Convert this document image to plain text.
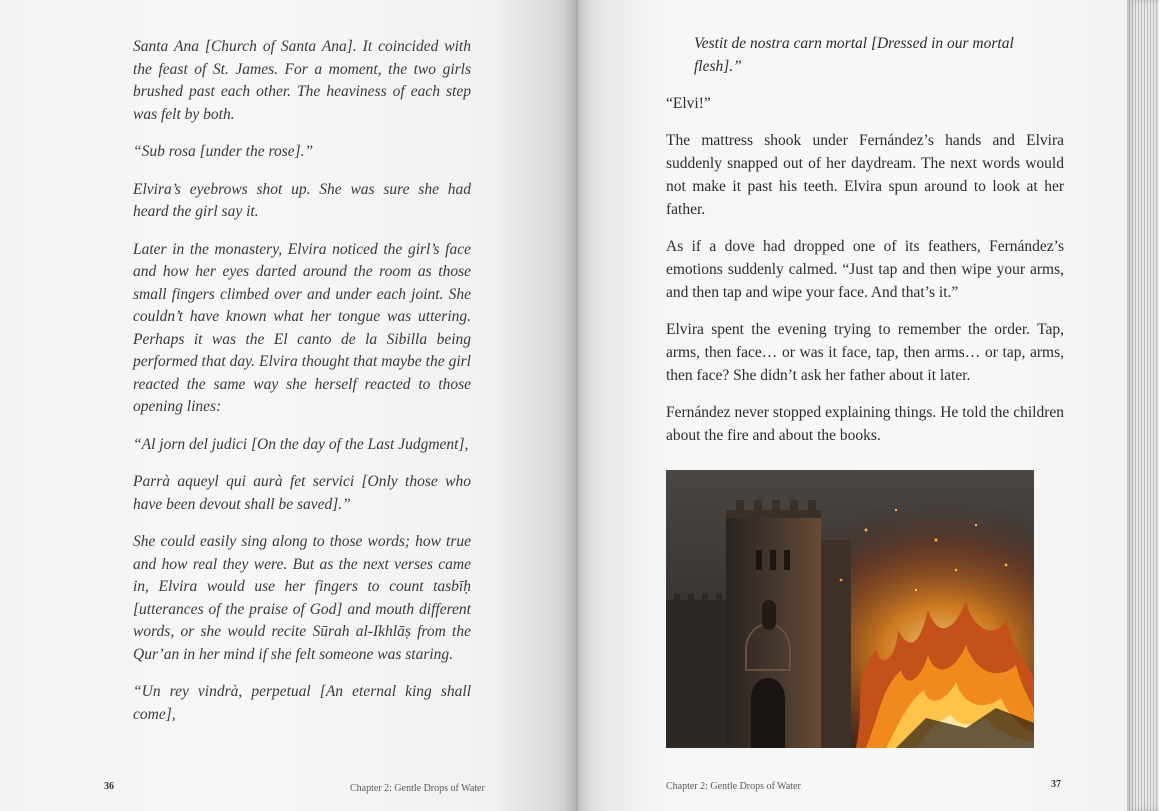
Santa Ana [Church of Santa Ana]. It coincided with the feast of St. James. For a moment, the two girls brushed past each other. The heaviness of each step was felt by both.

“Sub rosa [under the rose].”

Elvira’s eyebrows shot up. She was sure she had heard the girl say it.

Later in the monastery, Elvira noticed the girl’s face and how her eyes darted around the room as those small fingers climbed over and under each joint. She couldn’t have known what her tongue was uttering. Perhaps it was the El canto de la Sibilla being performed that day. Elvira thought that maybe the girl reacted the same way she herself reacted to those opening lines:

“Al jorn del judici [On the day of the Last Judgment],

Parrà aqueyl qui aurà fet servici [Only those who have been devout shall be saved].”

She could easily sing along to those words; how true and how real they were. But as the next verses came in, Elvira would use her fingers to count tasbīḥ [utterances of the praise of God] and mouth different words, or she would recite Sūrah al-Ikhlāṣ from the Qur’an in her mind if she felt someone was staring.

“Un rey vindrà, perpetual [An eternal king shall come],

36	Chapter 2: Gentle Drops of Water

Vestit de nostra carn mortal [Dressed in our mortal flesh].”

“Elvi!”

The mattress shook under Fernández’s hands and Elvira suddenly snapped out of her daydream. The next words would not make it past his teeth. Elvira spun around to look at her father.

As if a dove had dropped one of its feathers, Fernández’s emotions suddenly calmed. “Just tap and then wipe your arms, and then tap and wipe your face. And that’s it.”

Elvira spent the evening trying to remember the order. Tap, arms, then face… or was it face, tap, then arms… or tap, arms, then face? She didn’t ask her father about it later.

Fernández never stopped explaining things. He told the children about the fire and about the books.

Chapter 2: Gentle Drops of Water	37
